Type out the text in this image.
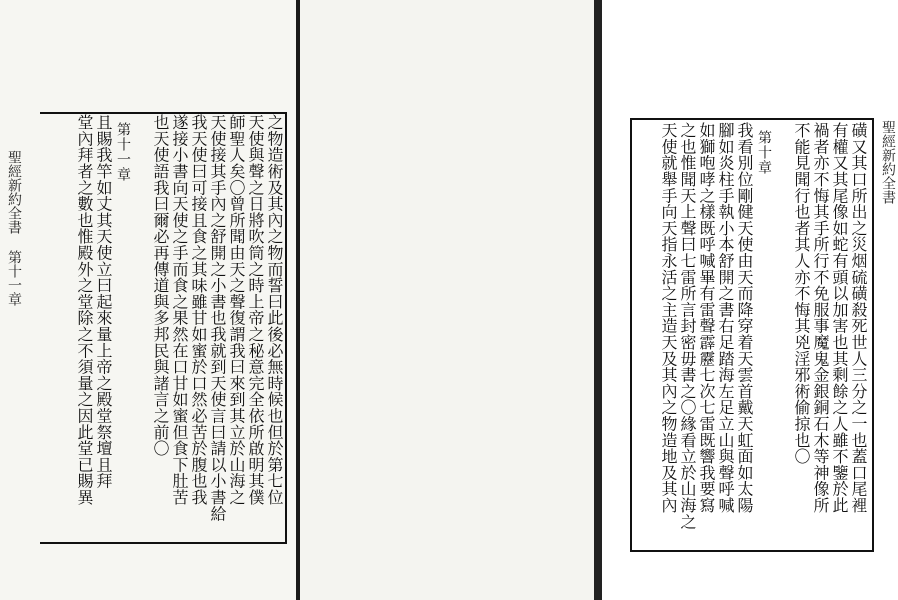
聖經新約全書 第十一章	之物造術及其內之物而誓曰此後必無時候也但於第七位
天使與聲之日將吹筒之時上帝之秘意完全依所啟明其僕
師聖人矣〇曾所聞由天之聲復謂我曰來到其立於山海之
天使接其手內之舒開之小書也我就到天使言曰請以小書給
我天使曰可接且食之其味雖甘如蜜於口然必苦於腹也我
遂接小書向天使之手而食之果然在口甘如蜜但食下肚苦
也天使語我曰爾必再傳道與多邦民與諸言之前〇
第十一章
且賜我竿如丈其天使立曰起來量上帝之殿堂祭壇且拜
堂內拜者之數也惟殿外之堂除之不須量之因此堂已賜異	磺又其口所出之災烟硫磺殺死世人三分之一也蓋口尾裡
有權又其尾像如蛇有頭以加害也其剩餘之人雖不鑒於此
禍者亦不悔其手所行不免服事魔鬼金銀銅石木等神像所
不能見聞行也者其人亦不悔其兇淫邪術偷掠也〇
第十章
我看別位剛健天使由天而降穿着天雲首戴天虹面如太陽
腳如炎柱手執小本舒開之書右足踏海左足立山與聲呼喊
如獅咆哮之樣既呼喊畢有雷聲霹靂七次七雷既響我要寫
之也惟聞天上聲曰七雷所言封密毋書之〇緣看立於山海之
天使就舉手向天指永活之主造天及其內之物造地及其內	聖經新約全書
